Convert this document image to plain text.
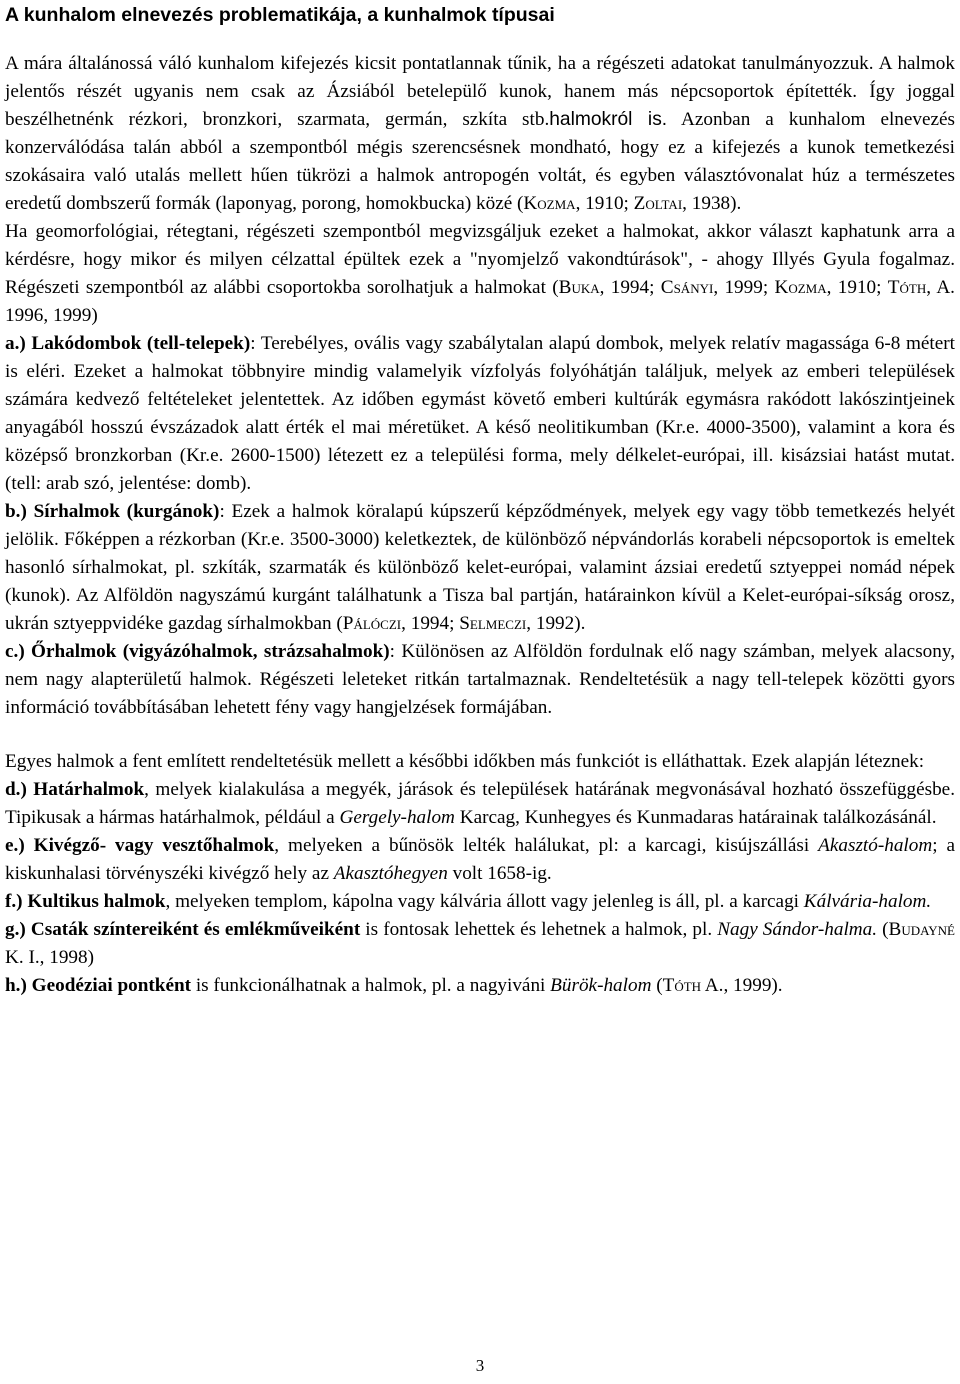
A kunhalom elnevezés problematikája, a kunhalmok típusai

A mára általánossá váló kunhalom kifejezés kicsit pontatlannak tűnik, ha a régészeti adatokat tanulmányozzuk. A halmok jelentős részét ugyanis nem csak az Ázsiából betelepülő kunok, hanem más népcsoportok építették. Így joggal beszélhetnénk rézkori, bronzkori, szarmata, germán, szkíta stb.halmokról is. Azonban a kunhalom elnevezés konzerválódása talán abból a szempontból mégis szerencsésnek mondható, hogy ez a kifejezés a kunok temetkezési szokásaira való utalás mellett hűen tükrözi a halmok antropogén voltát, és egyben választóvonalat húz a természetes eredetű dombszerű formák (laponyag, porong, homokbucka) közé (Kozma, 1910; Zoltai, 1938).

Ha geomorfológiai, rétegtani, régészeti szempontból megvizsgáljuk ezeket a halmokat, akkor választ kaphatunk arra a kérdésre, hogy mikor és milyen célzattal épültek ezek a "nyomjelző vakondtúrások", - ahogy Illyés Gyula fogalmaz. Régészeti szempontból az alábbi csoportokba sorolhatjuk a halmokat (Buka, 1994; Csányi, 1999; Kozma, 1910; Tóth, A. 1996, 1999)

a.) Lakódombok (tell-telepek): Terebélyes, ovális vagy szabálytalan alapú dombok, melyek relatív magassága 6-8 métert is eléri. Ezeket a halmokat többnyire mindig valamelyik vízfolyás folyóhátján találjuk, melyek az emberi települések számára kedvező feltételeket jelentettek. Az időben egymást követő emberi kultúrák egymásra rakódott lakószintjeinek anyagából hosszú évszázadok alatt érték el mai méretüket. A késő neolitikumban (Kr.e. 4000-3500), valamint a kora és középső bronzkorban (Kr.e. 2600-1500) létezett ez a települési forma, mely délkelet-európai, ill. kisázsiai hatást mutat. (tell: arab szó, jelentése: domb).

b.) Sírhalmok (kurgánok): Ezek a halmok köralapú kúpszerű képződmények, melyek egy vagy több temetkezés helyét jelölik. Főképpen a rézkorban (Kr.e. 3500-3000) keletkeztek, de különböző népvándorlás korabeli népcsoportok is emeltek hasonló sírhalmokat, pl. szkíták, szarmaták és különböző kelet-európai, valamint ázsiai eredetű sztyeppei nomád népek (kunok). Az Alföldön nagyszámú kurgánt találhatunk a Tisza bal partján, határainkon kívül a Kelet-európai-síkság orosz, ukrán sztyeppvidéke gazdag sírhalmokban (Pálóczi, 1994; Selmeczi, 1992).

c.) Őrhalmok (vigyázóhalmok, strázsahalmok): Különösen az Alföldön fordulnak elő nagy számban, melyek alacsony, nem nagy alapterületű halmok. Régészeti leleteket ritkán tartalmaznak. Rendeltetésük a nagy tell-telepek közötti gyors információ továbbításában lehetett fény vagy hangjelzések formájában.

Egyes halmok a fent említett rendeltetésük mellett a későbbi időkben más funkciót is elláthattak. Ezek alapján léteznek:

d.) Határhalmok, melyek kialakulása a megyék, járások és települések határának megvonásával hozható összefüggésbe. Tipikusak a hármas határhalmok, például a Gergely-halom Karcag, Kunhegyes és Kunmadaras határainak találkozásánál.

e.) Kivégző- vagy vesztőhalmok, melyeken a bűnösök lelték halálukat, pl: a karcagi, kisújszállási Akasztó-halom; a kiskunhalasi törvényszéki kivégző hely az Akasztóhegyen volt 1658-ig.

f.) Kultikus halmok, melyeken templom, kápolna vagy kálvária állott vagy jelenleg is áll, pl. a karcagi Kálvária-halom.

g.) Csaták színtereiként és emlékműveiként is fontosak lehettek és lehetnek a halmok, pl. Nagy Sándor-halma. (Budayné K. I., 1998)

h.) Geodéziai pontként is funkcionálhatnak a halmok, pl. a nagyiváni Bürök-halom (Tóth A., 1999).

3
